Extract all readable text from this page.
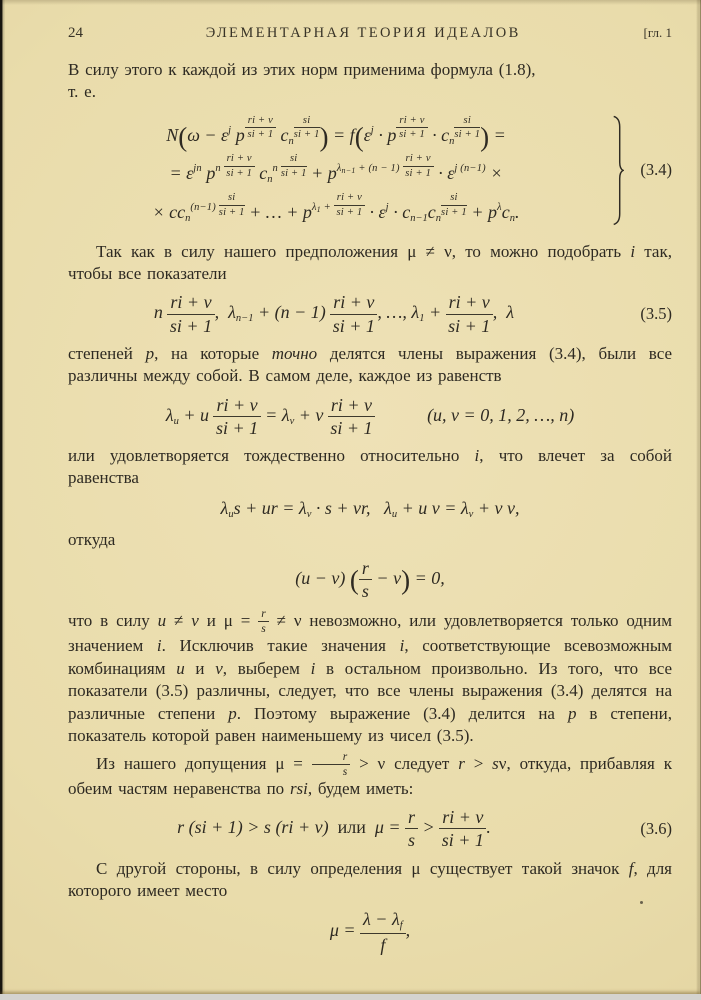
24	ЭЛЕМЕНТАРНАЯ ТЕОРИЯ ИДЕАЛОВ	[гл. 1

В силу этого к каждой из этих норм применима формула (1.8),
т. е.

$N(\omega - \varepsilon^j$ p $^{\frac{ri + \nu}{si + 1}}$ $c_n$ $^{\frac{si}{si + 1}}$ ) = $f(\varepsilon^j \cdot p$ $^{\frac{ri + \nu}{si + 1}} \cdot c_n$ $^{\frac{si}{si + 1}}$ ) =
= $\varepsilon^{jn}$ $p^{n \frac{ri + \nu}{si + 1}}$ $c_n^{n \frac{si}{si + 1}} + p^{\lambda_{n-1} + (n - 1) \frac{ri + \nu}{si + 1}} \cdot \varepsilon^{j (n-1)}$ ×
× $cc_n^{(n-1) \frac{si}{si + 1}}$ + … + $p^{\lambda_1 + \frac{ri + \nu}{si + 1}} \cdot \varepsilon^j \cdot c_{n-1}c_n$ $^{\frac{si}{si + 1}} + p^\lambda c_n$.
(3.4)

Так как в силу нашего предположения μ ≠ ν, то можно подобрать i так, чтобы все показатели

n $\frac{ri + \nu}{si + 1}$ ,  $\lambda_{n-1} + (n - 1) \frac{ri + \nu}{si + 1}$ , …, $\lambda_1 + \frac{ri + \nu}{si + 1}$ ,  λ	(3.5)

степеней p, на которые точно делятся члены выражения (3.4), были все различны между собой. В самом деле, каждое из равенств

$\lambda_u + u \frac{ri + \nu}{si + 1} = \lambda_v + v \frac{ri + \nu}{si + 1}$	(u, v = 0, 1, 2, …, n)

или удовлетворяется тождественно относительно i, что влечет за собой равенства

$\lambda_us$ + ur = $\lambda_v \cdot s$ + vr,   $\lambda_u + u$ $\nu = \lambda_v + v$ ν,

откуда

(u − v) ( $\frac{r}{s} - \nu) = 0$,

что в силу u ≠ v и $\mu = \frac{r}{s} \ne \nu$ невозможно, или удовлетворяется только одним значением i. Исключив такие значения i, соответствующие всевозможным комбинациям u и v, выберем i в остальном произвольно. Из того, что все показатели (3.5) различны, следует, что все члены выражения (3.4) делятся на различные степени p. Поэтому выражение (3.4) делится на p в степени, показатель которой равен наименьшему из чисел (3.5).

Из нашего допущения $\mu = \frac{r}{s} > \nu$ следует r > sν, откуда, прибавляя к обеим частям неравенства по rsi, будем иметь:

r (si + 1) > s (ri + ν)  или  $\mu = \frac{r}{s} > \frac{ri + \nu}{si + 1}$ .	(3.6)

С другой стороны, в силу определения μ существует такой значок f, для которого имеет место

$\mu = \frac{\lambda - \lambda_f}{f}$ ,
